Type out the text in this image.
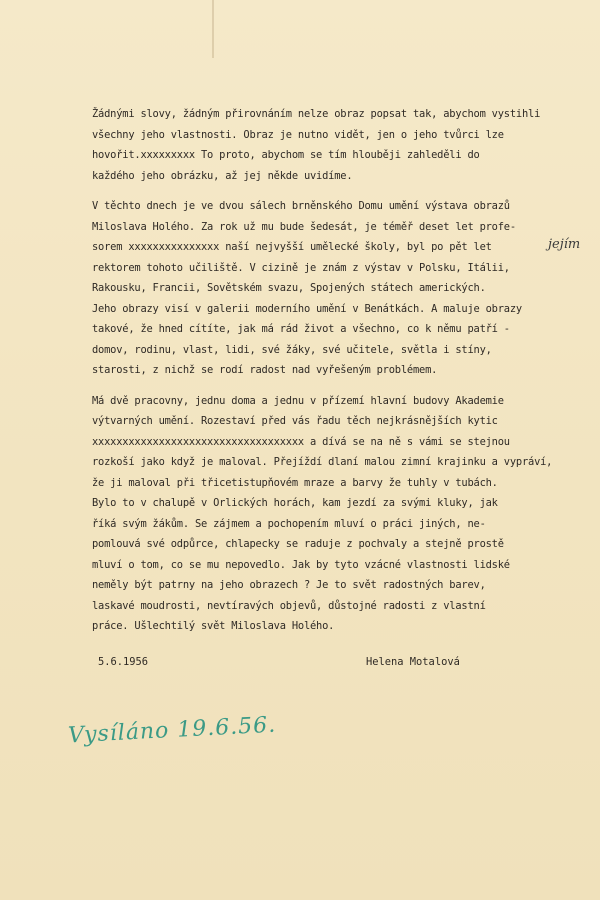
Žádnými slovy, žádným přirovnáním nelze obraz popsat tak, abychom vystihli
všechny jeho vlastnosti. Obraz je nutno vidět, jen o jeho tvůrci lze
hovořit.xxxxxxxxx To proto, abychom se tím hlouběji zahleděli do
každého jeho obrázku, až jej někde uvidíme.
V těchto dnech je ve dvou sálech brněnského Domu umění výstava obrazů
Miloslava Holého. Za rok už mu bude šedesát, je téměř deset let profe-
sorem xxxxxxxxxxxxxxx naší nejvyšší umělecké školy, byl po pět let
rektorem tohoto učiliště. V cizině je znám z výstav v Polsku, Itálii,
Rakousku, Francii, Sovětském svazu, Spojených státech amerických.
Jeho obrazy visí v galerii moderního umění v Benátkách. A maluje obrazy
takové, že hned cítíte, jak má rád život a všechno, co k němu patří -
domov, rodinu, vlast, lidi, své žáky, své učitele, světla i stíny,
starosti, z nichž se rodí radost nad vyřešeným problémem.
Má dvě pracovny, jednu doma a jednu v přízemí hlavní budovy Akademie
výtvarných umění. Rozestaví před vás řadu těch nejkrásnějších kytic
xxxxxxxxxxxxxxxxxxxxxxxxxxxxxxxxxxx a dívá se na ně s vámi se stejnou
rozkoší jako když je maloval. Přejíždí dlaní malou zimní krajinku a vypráví,
že ji maloval při třicetistupňovém mraze a barvy že tuhly v tubách.
Bylo to v chalupě v Orlických horách, kam jezdí za svými kluky, jak
říká svým žákům. Se zájmem a pochopením mluví o práci jiných, ne-
pomlouvá své odpůrce, chlapecky se raduje z pochvaly a stejně prostě
mluví o tom, co se mu nepovedlo. Jak by tyto vzácné vlastnosti lidské
neměly být patrny na jeho obrazech ? Je to svět radostných barev,
laskavé moudrosti, nevtíravých objevů, důstojné radosti z vlastní
práce. Ušlechtilý svět Miloslava Holého.
jejím
5.6.1956	Helena Motalová
Vysíláno 19.6.56.
